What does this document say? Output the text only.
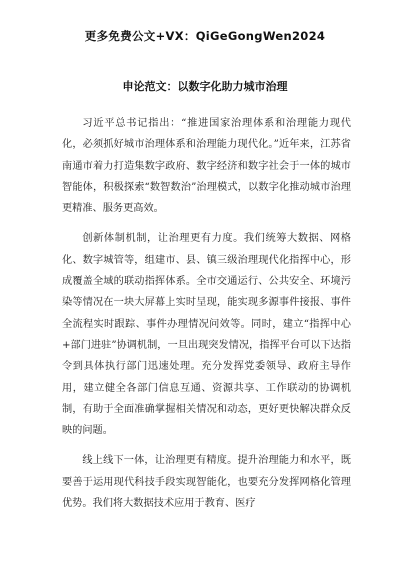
更多免费公文+VX：QiGeGongWen2024
申论范文：以数字化助力城市治理

习近平总书记指出：“推进国家治理体系和治理能力现代化，必须抓好城市治理体系和治理能力现代化。”近年来，江苏省南通市着力打造集数字政府、数字经济和数字社会于一体的城市智能体，积极探索“数智数治”治理模式，以数字化推动城市治理更精准、服务更高效。

创新体制机制，让治理更有力度。我们统筹大数据、网格化、数字城管等，组建市、县、镇三级治理现代化指挥中心，形成覆盖全域的联动指挥体系。全市交通运行、公共安全、环境污染等情况在一块大屏幕上实时呈现，能实现多源事件接报、事件全流程实时跟踪、事件办理情况问效等。同时，建立“指挥中心+部门进驻”协调机制，一旦出现突发情况，指挥平台可以下达指令到具体执行部门迅速处理。充分发挥党委领导、政府主导作用，建立健全各部门信息互通、资源共享、工作联动的协调机制，有助于全面准确掌握相关情况和动态，更好更快解决群众反映的问题。

线上线下一体，让治理更有精度。提升治理能力和水平，既要善于运用现代科技手段实现智能化，也要充分发挥网格化管理优势。我们将大数据技术应用于教育、医疗
